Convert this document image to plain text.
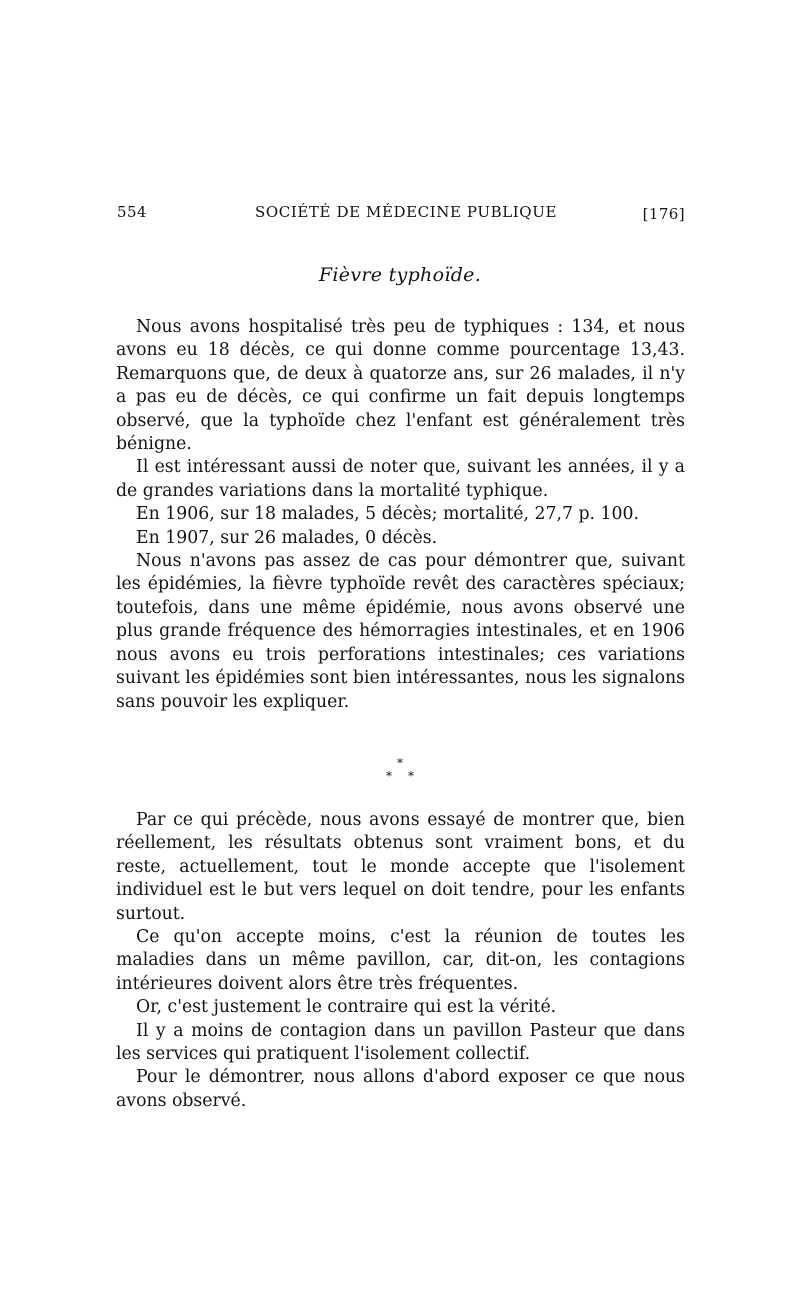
554	SOCIÉTÉ DE MÉDECINE PUBLIQUE	[176]
Fièvre typhoïde.

Nous avons hospitalisé très peu de typhiques : 134, et nous avons eu 18 décès, ce qui donne comme pourcentage 13,43. Remarquons que, de deux à quatorze ans, sur 26 malades, il n'y a pas eu de décès, ce qui confirme un fait depuis longtemps observé, que la typhoïde chez l'enfant est généralement très bénigne.

Il est intéressant aussi de noter que, suivant les années, il y a de grandes variations dans la mortalité typhique.

En 1906, sur 18 malades, 5 décès; mortalité, 27,7 p. 100.

En 1907, sur 26 malades, 0 décès.

Nous n'avons pas assez de cas pour démontrer que, suivant les épidémies, la fièvre typhoïde revêt des caractères spéciaux; toutefois, dans une même épidémie, nous avons observé une plus grande fréquence des hémorragies intestinales, et en 1906 nous avons eu trois perforations intestinales; ces variations suivant les épidémies sont bien intéressantes, nous les signalons sans pouvoir les expliquer.

*
**

Par ce qui précède, nous avons essayé de montrer que, bien réellement, les résultats obtenus sont vraiment bons, et du reste, actuellement, tout le monde accepte que l'isolement individuel est le but vers lequel on doit tendre, pour les enfants surtout.

Ce qu'on accepte moins, c'est la réunion de toutes les maladies dans un même pavillon, car, dit-on, les contagions intérieures doivent alors être très fréquentes.

Or, c'est justement le contraire qui est la vérité.

Il y a moins de contagion dans un pavillon Pasteur que dans les services qui pratiquent l'isolement collectif.

Pour le démontrer, nous allons d'abord exposer ce que nous avons observé.
